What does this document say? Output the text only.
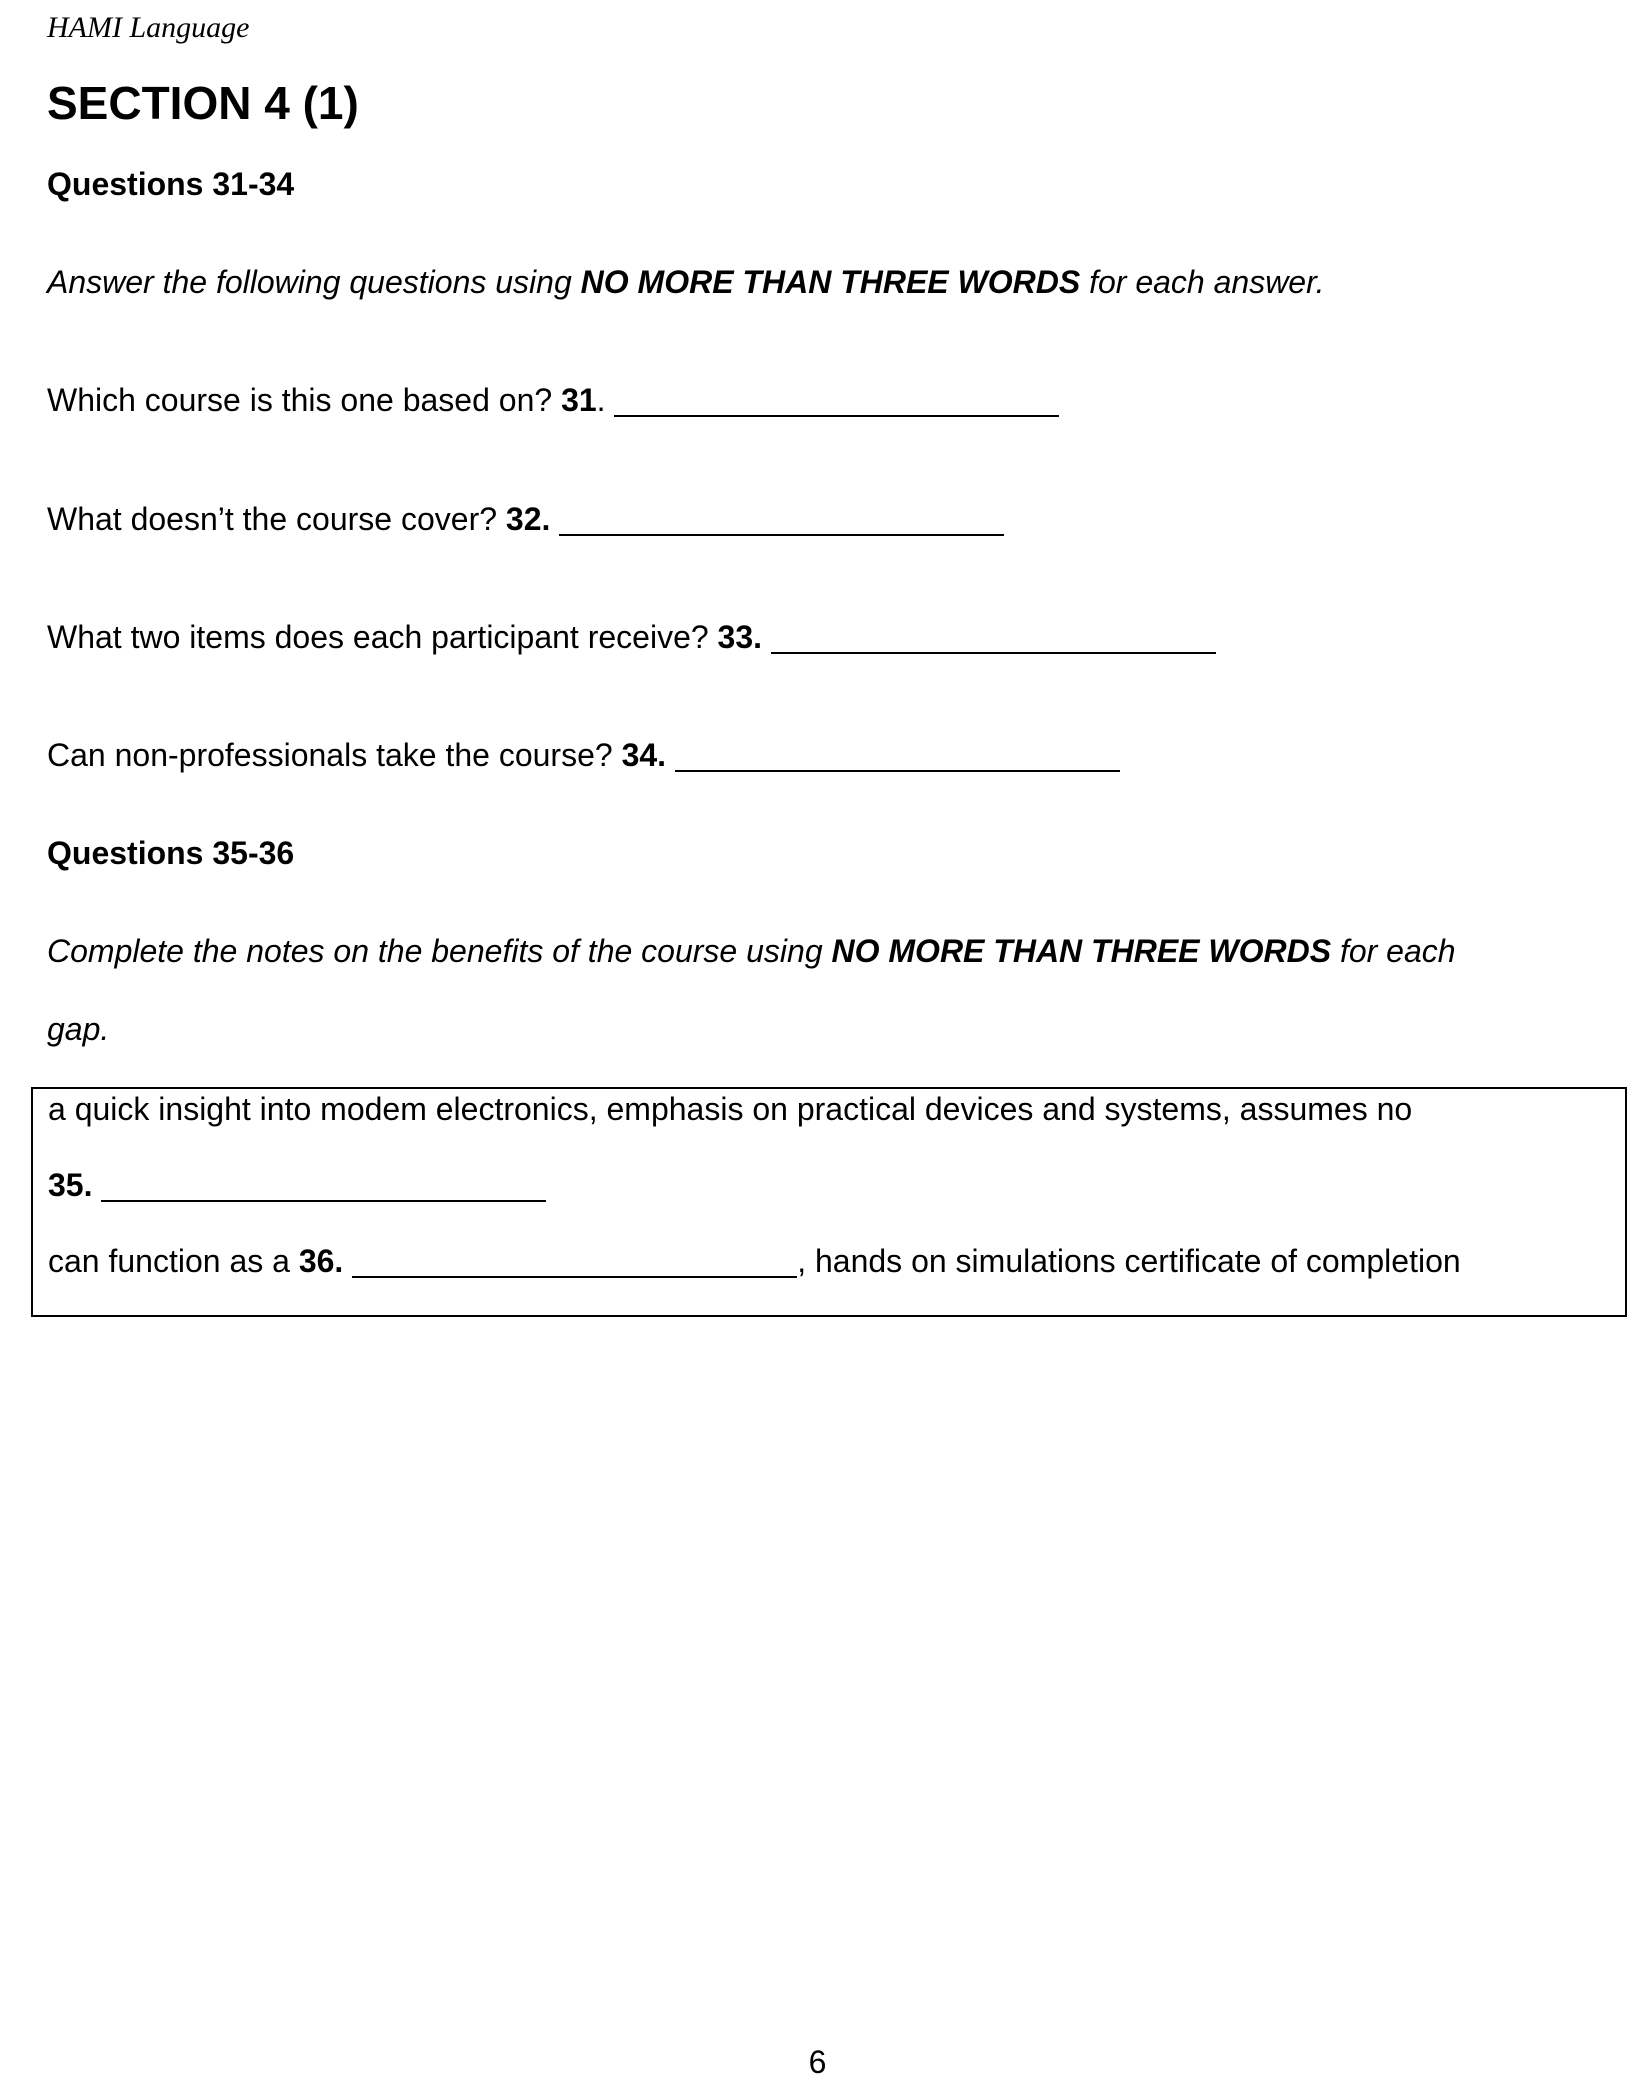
HAMI Language
SECTION 4 (1)
Questions 31-34

Answer the following questions using NO MORE THAN THREE WORDS for each answer.

Which course is this one based on? 31.
What doesn’t the course cover? 32.
What two items does each participant receive? 33.
Can non-professionals take the course? 34.
Questions 35-36

Complete the notes on the benefits of the course using NO MORE THAN THREE WORDS for each

gap.

a quick insight into modem electronics, emphasis on practical devices and systems, assumes no
35.
can function as a 36.	, hands on simulations certificate of completion
6
